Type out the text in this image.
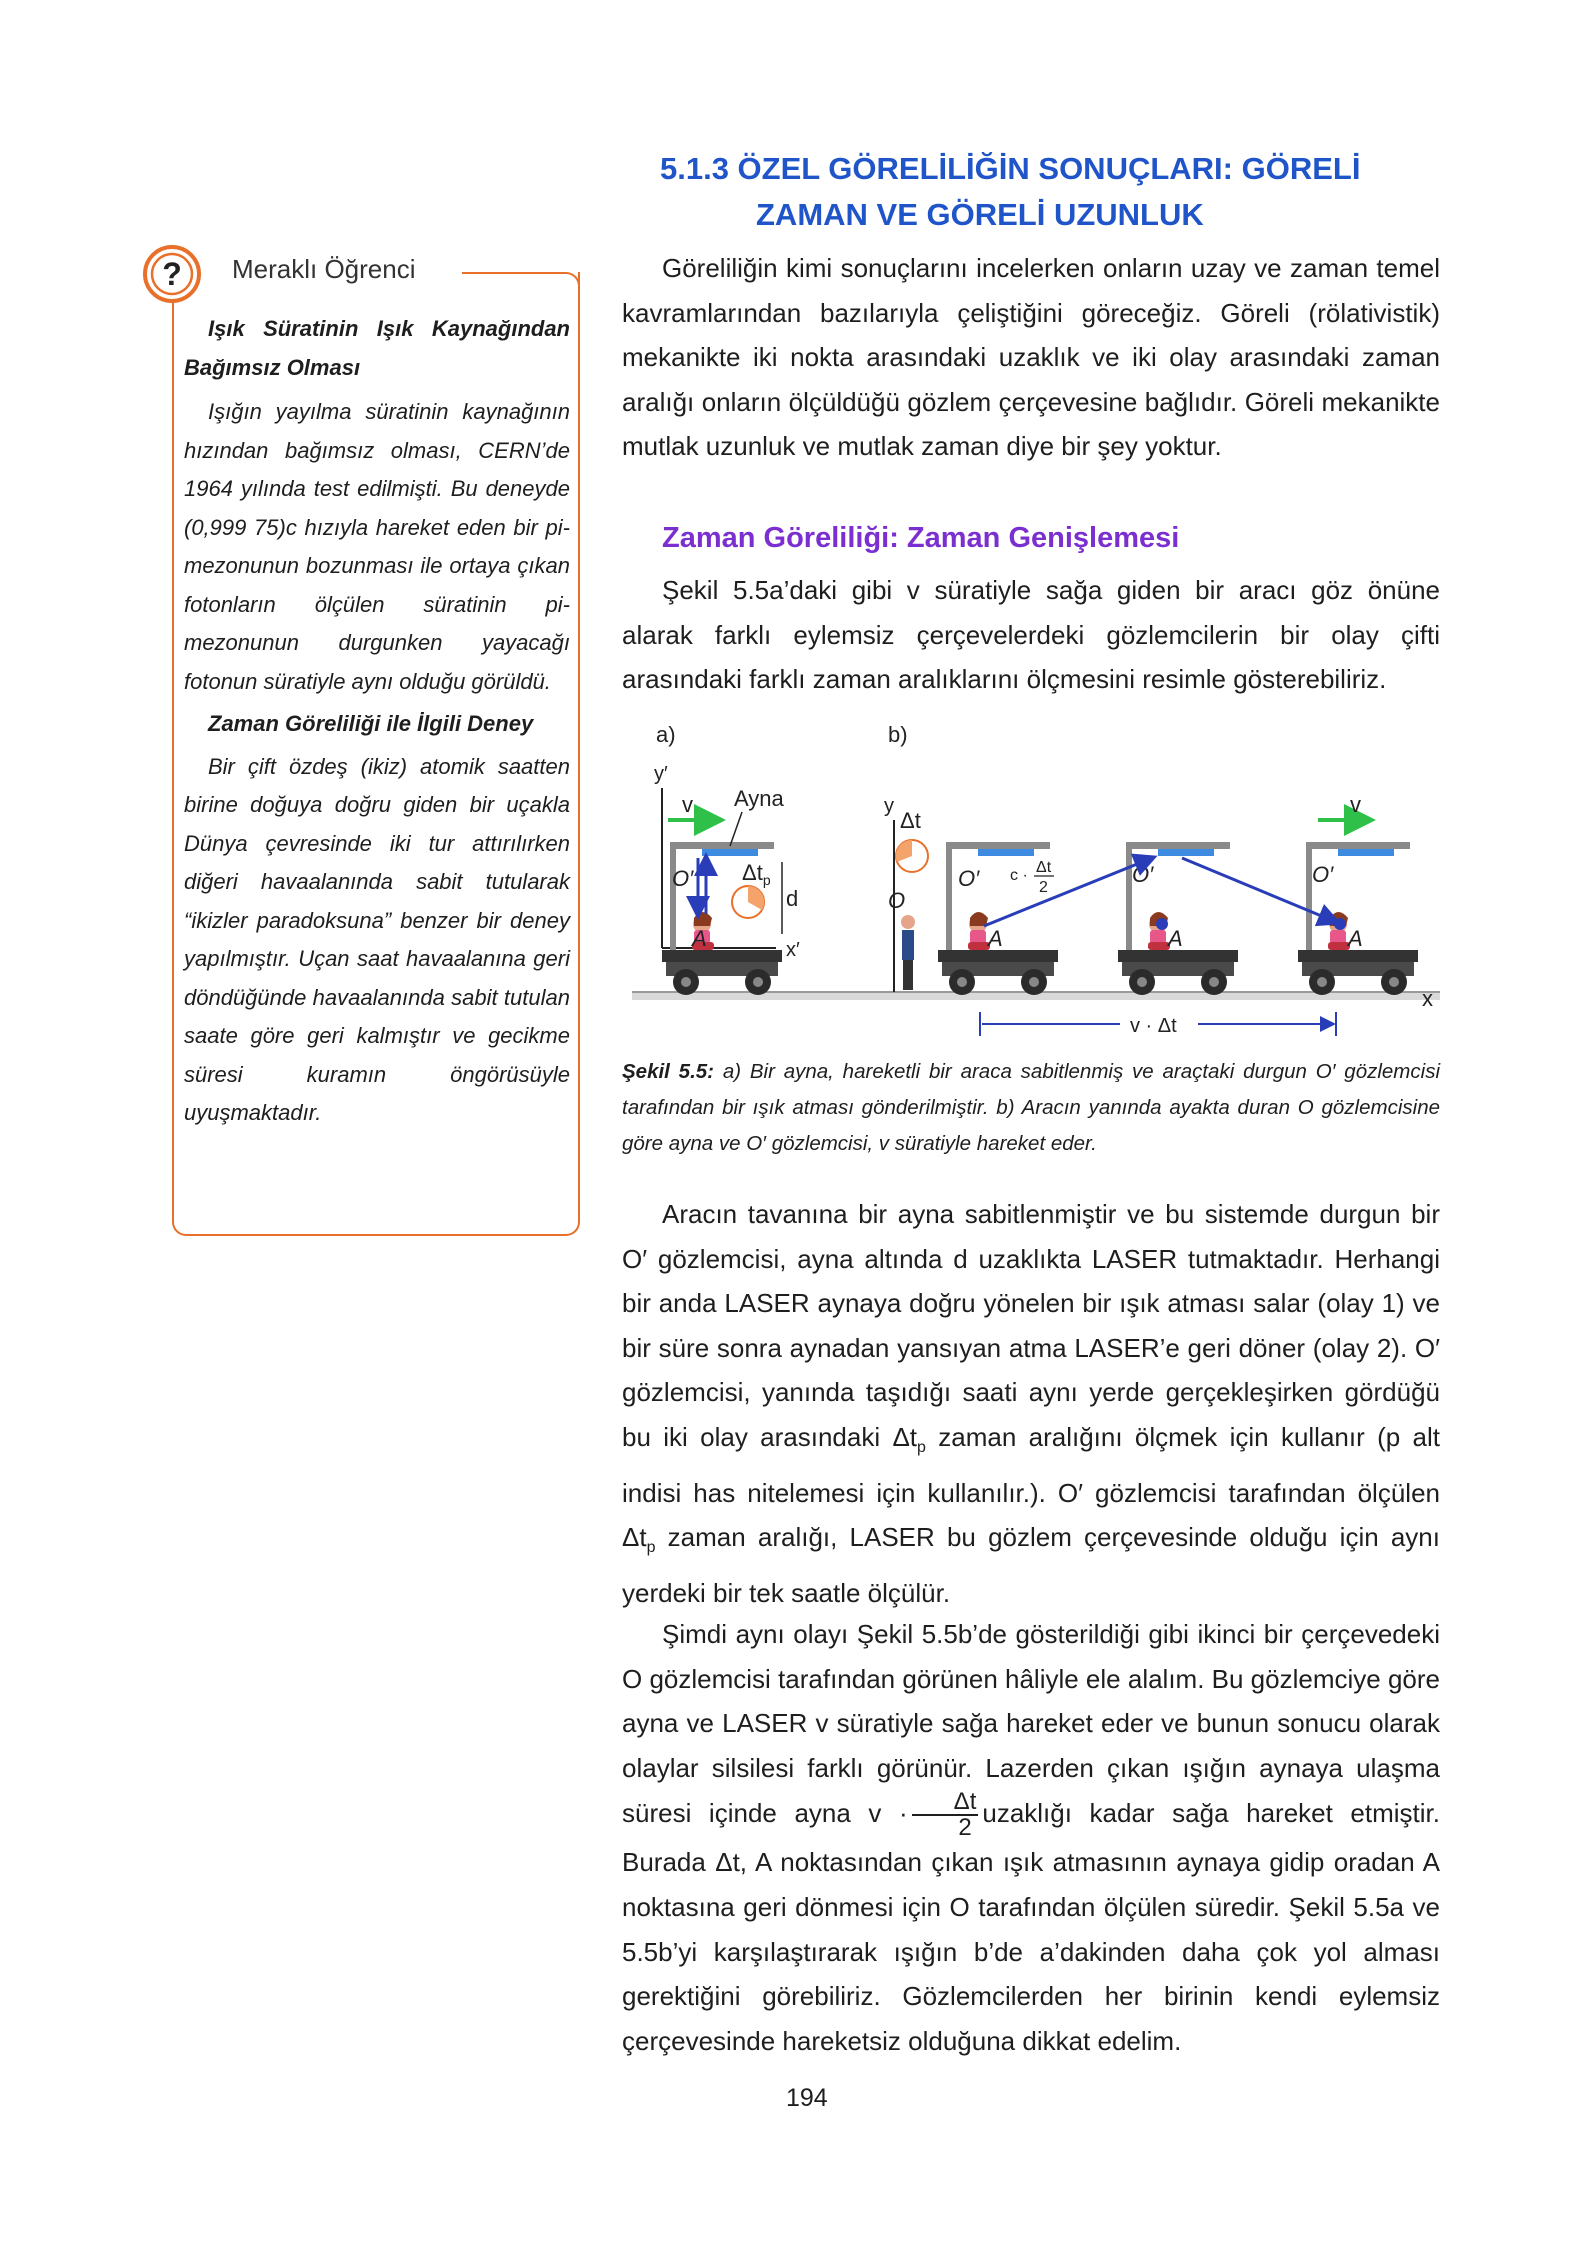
5.1.3 ÖZEL GÖRELİLİĞİN SONUÇLARI: GÖRELİ
ZAMAN VE GÖRELİ UZUNLUK

Göreliliğin kimi sonuçlarını incelerken onların uzay ve zaman temel kavramlarından bazılarıyla çeliştiğini göreceğiz. Göreli (rölativistik) mekanikte iki nokta arasındaki uzaklık ve iki olay arasındaki zaman aralığı onların ölçüldüğü gözlem çerçevesine bağlıdır. Göreli mekanikte mutlak uzunluk ve mutlak zaman diye bir şey yoktur.

Zaman Göreliliği: Zaman Genişlemesi

Şekil 5.5a’daki gibi v süratiyle sağa giden bir aracı göz önüne alarak farklı eylemsiz çerçevelerdeki gözlemcilerin bir olay çifti arasındaki farklı zaman aralıklarını ölçmesini resimle gösterebiliriz.

? Meraklı Öğrenci

Işık Süratinin Işık Kaynağından Bağımsız Olması

Işığın yayılma süratinin kaynağının hızından bağımsız olması, CERN’de 1964 yılında test edilmişti. Bu deneyde (0,999 75)c hızıyla hareket eden bir pi-mezonunun bozunması ile ortaya çıkan fotonların ölçülen süratinin pi-mezonunun durgunken yayacağı fotonun süratiyle aynı olduğu görüldü.

Zaman Göreliliği ile İlgili Deney

Bir çift özdeş (ikiz) atomik saatten birine doğuya doğru giden bir uçakla Dünya çevresinde iki tur attırılırken diğeri havaalanında sabit tutularak “ikizler paradoksuna” benzer bir deney yapılmıştır. Uçan saat havaalanına geri döndüğünde havaalanında sabit tutulan saate göre geri kalmıştır ve gecikme süresi kuramın öngörüsüyle uyuşmaktadır.

a)
y′
x′
v Ayna
O′
A
$\Delta t_p$
d
b)
y
Δt
O
O′	O′	O′
A	A	A
c · Δt
2
v
x
v · Δt
Şekil 5.5: a) Bir ayna, hareketli bir araca sabitlenmiş ve araçtaki durgun O′ gözlemcisi tarafından bir ışık atması gönderilmiştir. b) Aracın yanında ayakta duran O gözlemcisine göre ayna ve O′ gözlemcisi, v süratiyle hareket eder.

Aracın tavanına bir ayna sabitlenmiştir ve bu sistemde durgun bir O′ gözlemcisi, ayna altında d uzaklıkta LASER tutmaktadır. Herhangi bir anda LASER aynaya doğru yönelen bir ışık atması salar (olay 1) ve bir süre sonra aynadan yansıyan atma LASER’e geri döner (olay 2). O′ gözlemcisi, yanında taşıdığı saati aynı yerde gerçekleşirken gördüğü bu iki olay arasındaki $\Delta t_p$ zaman aralığını ölçmek için kullanır (p alt indisi has nitelemesi için kullanılır.). O′ gözlemcisi tarafından ölçülen $\Delta t_p$ zaman aralığı, LASER bu gözlem çerçevesinde olduğu için aynı yerdeki bir tek saatle ölçülür.

Şimdi aynı olayı Şekil 5.5b’de gösterildiği gibi ikinci bir çerçevedeki O gözlemcisi tarafından görünen hâliyle ele alalım. Bu gözlemciye göre ayna ve LASER v süratiyle sağa hareket eder ve bunun sonucu olarak olaylar silsilesi farklı görünür. Lazerden çıkan ışığın aynaya ulaşma süresi içinde ayna $v \cdot \frac{\Delta t}{2}$ uzaklığı kadar sağa hareket etmiştir. Burada Δt, A noktasından çıkan ışık atmasının aynaya gidip oradan A noktasına geri dönmesi için O tarafından ölçülen süredir. Şekil 5.5a ve 5.5b’yi karşılaştırarak ışığın b’de a’dakinden daha çok yol alması gerektiğini görebiliriz. Gözlemcilerden her birinin kendi eylemsiz çerçevesinde hareketsiz olduğuna dikkat edelim.

194
